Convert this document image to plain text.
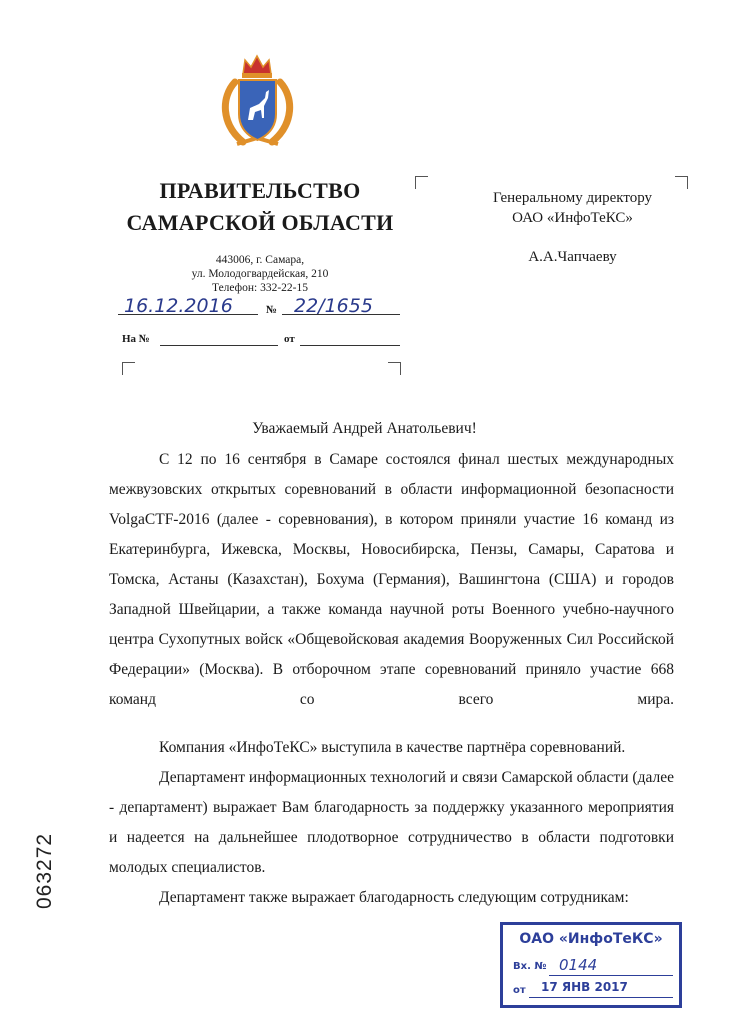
ПРАВИТЕЛЬСТВО
САМАРСКОЙ ОБЛАСТИ
443006, г. Самара,
ул. Молодогвардейская, 210
Телефон: 332-22-15
16.12.2016	№ 22/1655
На №	от
Генеральному директору
ОАО «ИнфоТеКС»
А.А.Чапчаеву
Уважаемый Андрей Анатольевич!
С 12 по 16 сентября в Самаре состоялся финал шестых международных межвузовских открытых соревнований в области информационной безопасности VolgaCTF-2016 (далее - соревнования), в котором приняли участие 16 команд из Екатеринбурга, Ижевска, Москвы, Новосибирска, Пензы, Самары, Саратова и Томска, Астаны (Казахстан), Бохума (Германия), Вашингтона (США) и городов Западной Швейцарии, а также команда научной роты Военного учебно-научного центра Сухопутных войск «Общевойсковая академия Вооруженных Сил Российской Федерации» (Москва). В отборочном этапе соревнований приняло участие 668 команд со всего мира.
Компания «ИнфоТеКС» выступила в качестве партнёра соревнований.
Департамент информационных технологий и связи Самарской области (далее - департамент) выражает Вам благодарность за поддержку указанного мероприятия и надеется на дальнейшее плодотворное сотрудничество в области подготовки молодых специалистов.
Департамент также выражает благодарность следующим сотрудникам:
063272
ОАО «ИнфоТеКС»
Вх. № 0144
от 17 ЯНВ 2017
